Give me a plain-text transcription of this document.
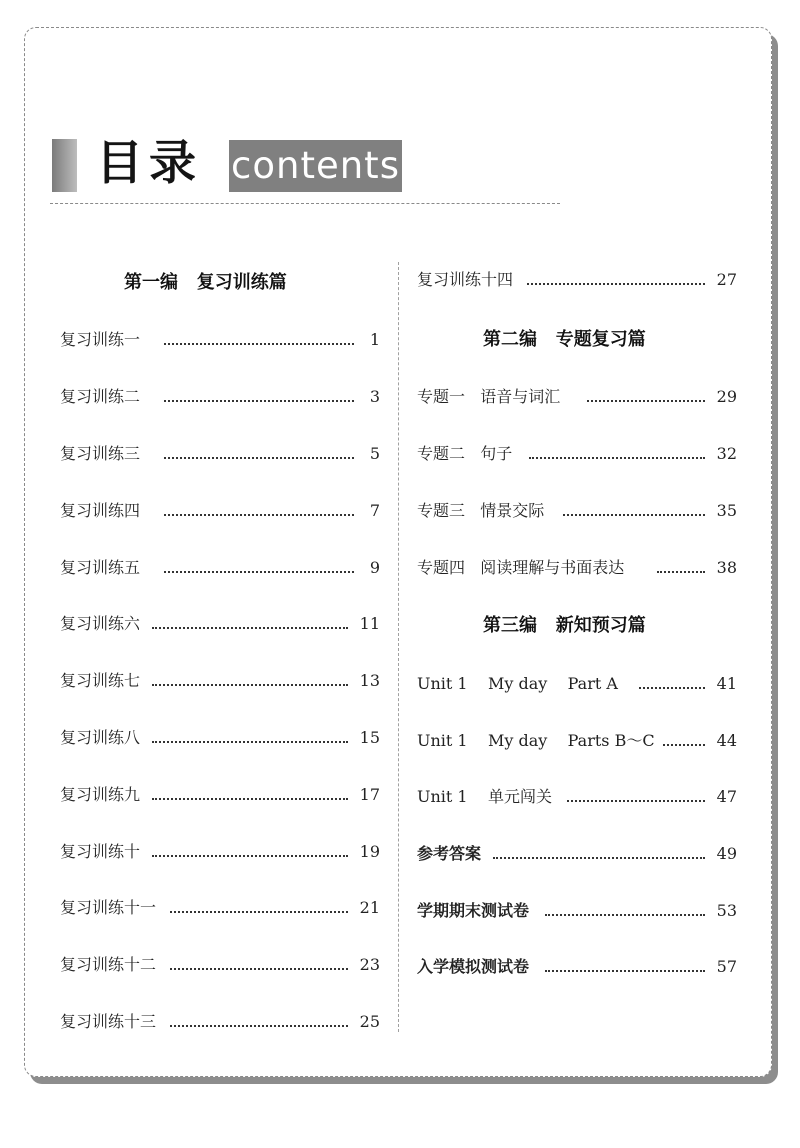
目录 contents
第一编   复习训练篇
复习训练一	1
复习训练二	3
复习训练三	5
复习训练四	7
复习训练五	9
复习训练六	11
复习训练七	13
复习训练八	15
复习训练九	17
复习训练十	19
复习训练十一	21
复习训练十二	23
复习训练十三	25
复习训练十四	27
第二编   专题复习篇
专题一   语音与词汇	29
专题二   句子	32
专题三   情景交际	35
专题四   阅读理解与书面表达	38
第三编   新知预习篇
Unit 1    My day    Part A	41
Unit 1    My day    Parts B～C	44
Unit 1    单元闯关	47
参考答案	49
学期期末测试卷	53
入学模拟测试卷	57
